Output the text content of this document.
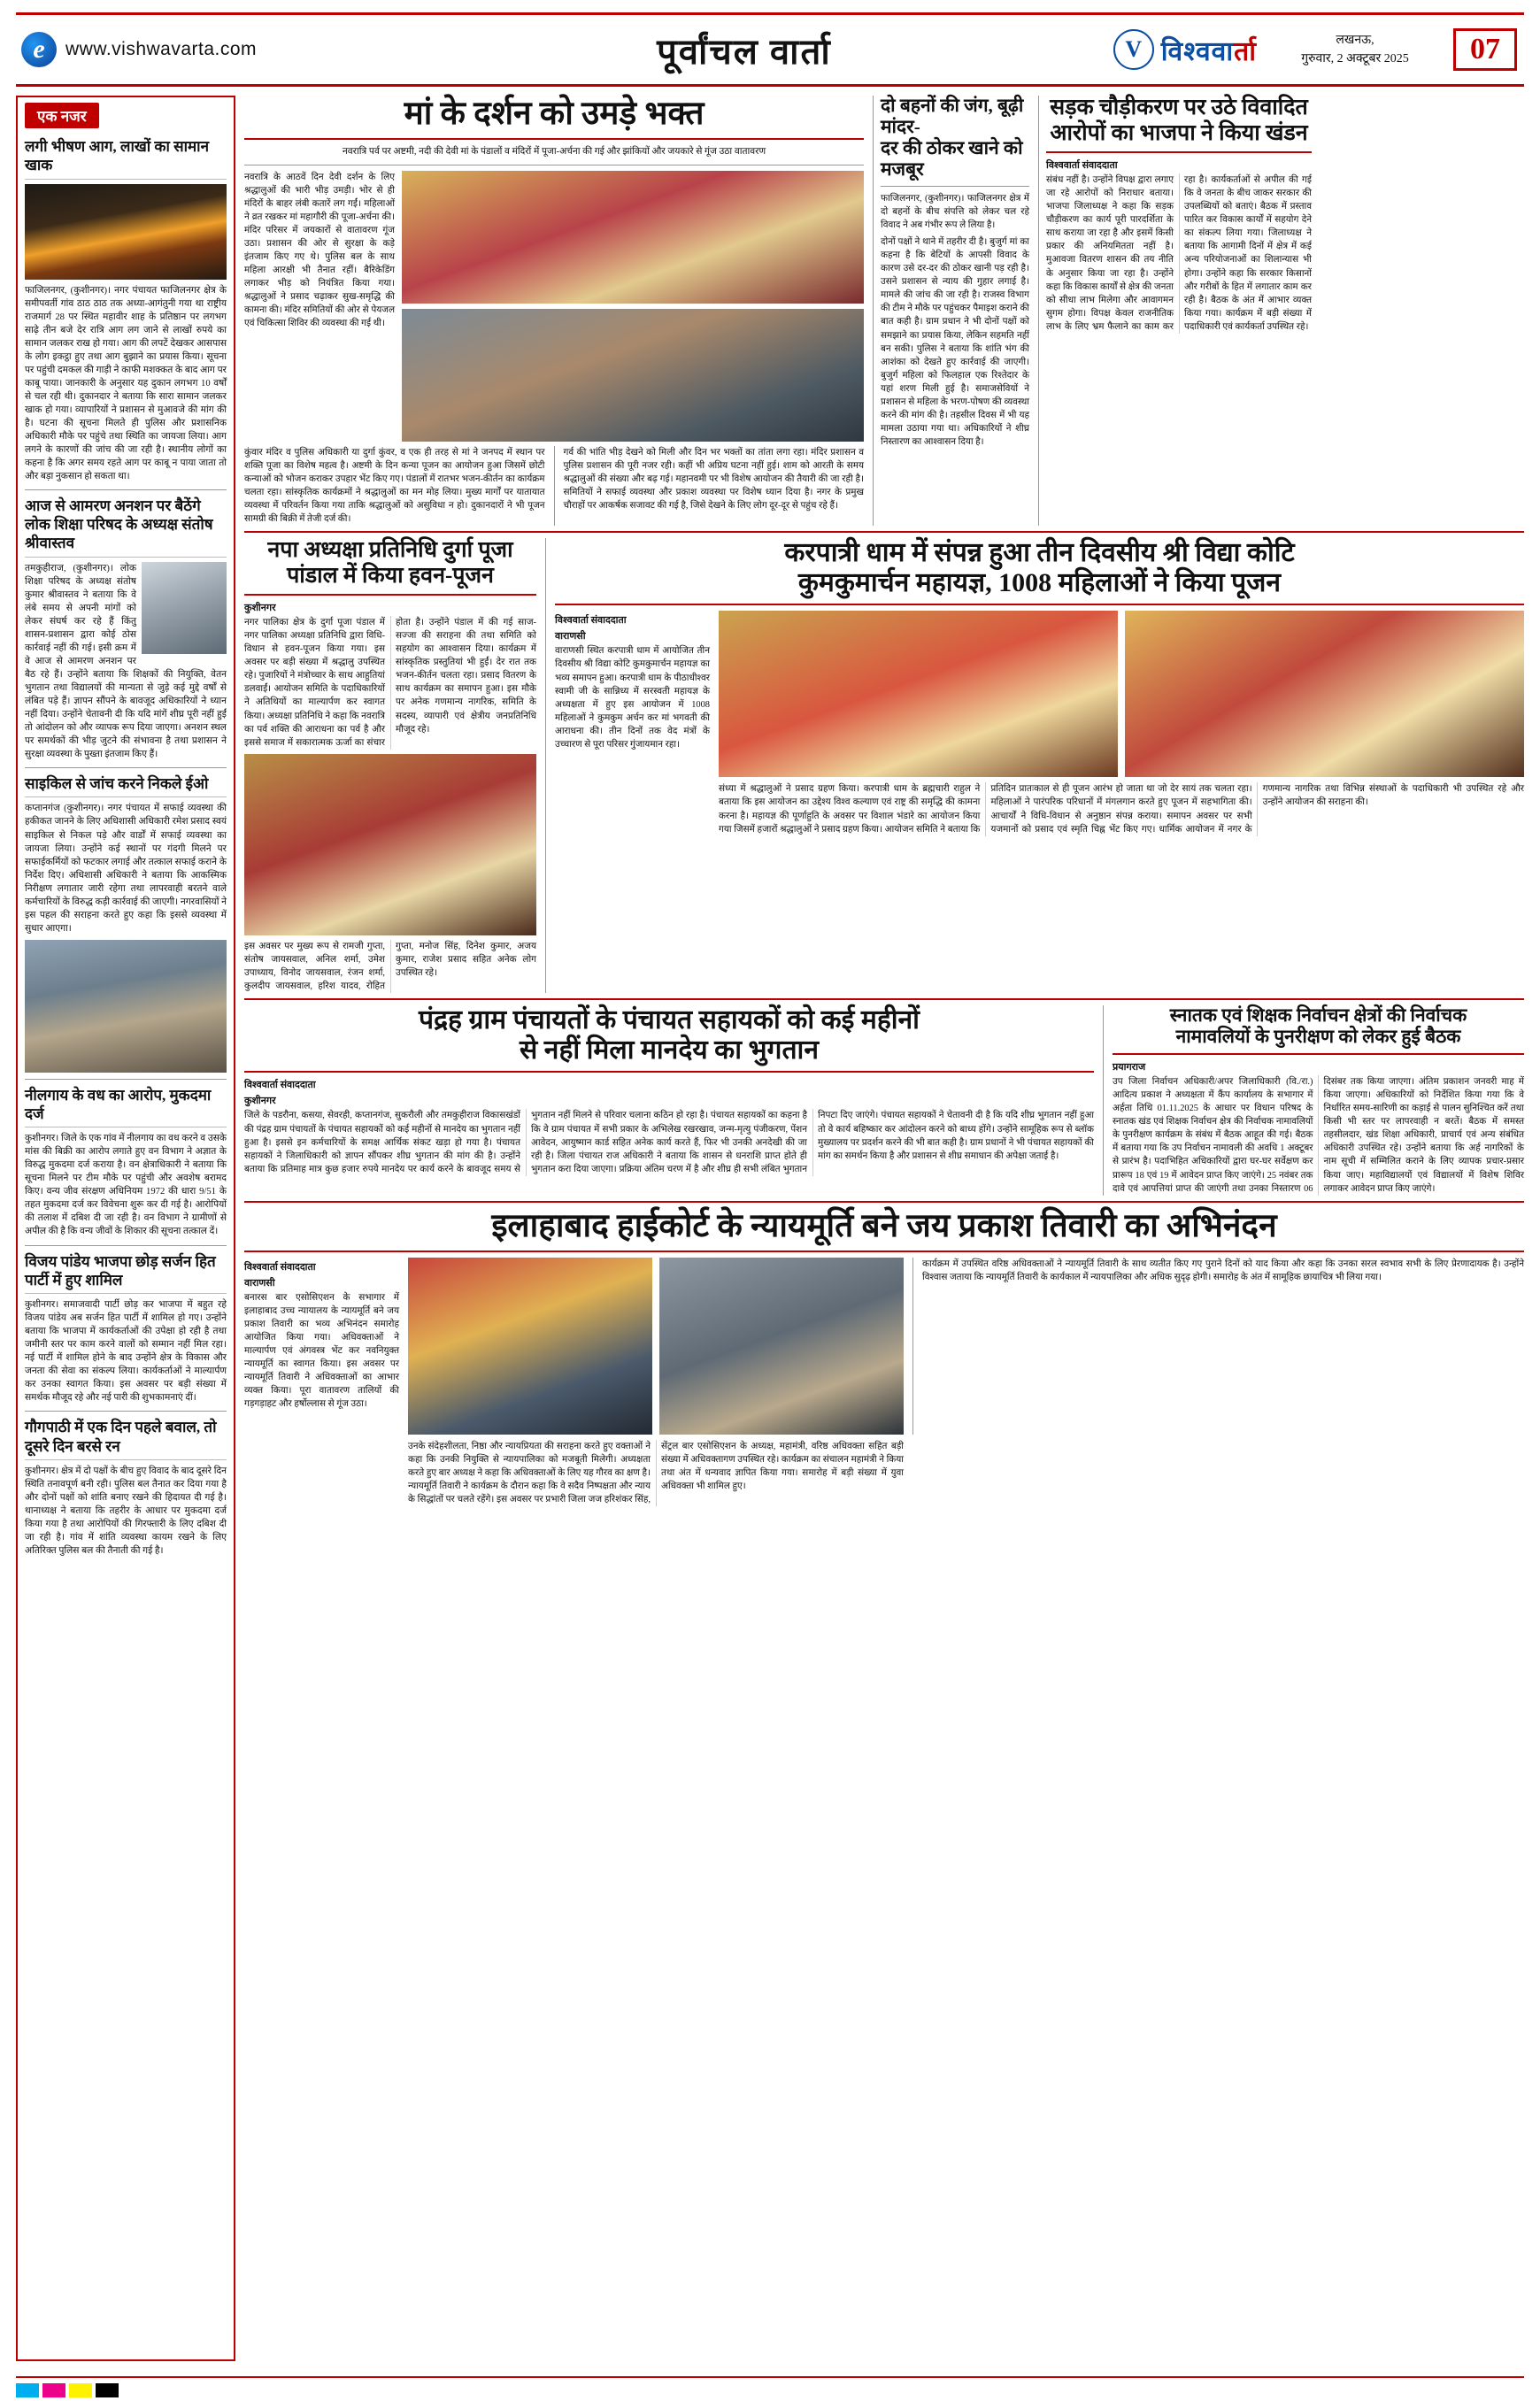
e	www.vishwavarta.com	पूर्वांचल वार्ता	V विश्ववार्ता	लखनऊ,
गुरुवार, 2 अक्टूबर 2025	07
एक नजर
लगी भीषण आग, लाखों का सामान खाक
फाजिलनगर, (कुशीनगर)। नगर पंचायत फाजिलनगर क्षेत्र के समीपवर्ती गांव ठाठ ठाठ तक अध्या-आगंतुनी गया था राष्ट्रीय राजमार्ग 28 पर स्थित महावीर शाह के प्रतिष्ठान पर लगभग साढ़े तीन बजे देर रात्रि आग लग जाने से लाखों रुपये का सामान जलकर राख हो गया। आग की लपटें देखकर आसपास के लोग इकट्ठा हुए तथा आग बुझाने का प्रयास किया। सूचना पर पहुंची दमकल की गाड़ी ने काफी मशक्कत के बाद आग पर काबू पाया। जानकारी के अनुसार यह दुकान लगभग 10 वर्षों से चल रही थी। दुकानदार ने बताया कि सारा सामान जलकर खाक हो गया। व्यापारियों ने प्रशासन से मुआवजे की मांग की है। घटना की सूचना मिलते ही पुलिस और प्रशासनिक अधिकारी मौके पर पहुंचे तथा स्थिति का जायजा लिया। आग लगने के कारणों की जांच की जा रही है। स्थानीय लोगों का कहना है कि अगर समय रहते आग पर काबू न पाया जाता तो और बड़ा नुकसान हो सकता था।
आज से आमरण अनशन पर बैठेंगे लोक शिक्षा परिषद के अध्यक्ष संतोष श्रीवास्तव
तमकुहीराज, (कुशीनगर)। लोक शिक्षा परिषद के अध्यक्ष संतोष कुमार श्रीवास्तव ने बताया कि वे लंबे समय से अपनी मांगों को लेकर संघर्ष कर रहे हैं किंतु शासन-प्रशासन द्वारा कोई ठोस कार्रवाई नहीं की गई। इसी क्रम में वे आज से आमरण अनशन पर बैठ रहे हैं। उन्होंने बताया कि शिक्षकों की नियुक्ति, वेतन भुगतान तथा विद्यालयों की मान्यता से जुड़े कई मुद्दे वर्षों से लंबित पड़े हैं। ज्ञापन सौंपने के बावजूद अधिकारियों ने ध्यान नहीं दिया। उन्होंने चेतावनी दी कि यदि मांगें शीघ्र पूरी नहीं हुईं तो आंदोलन को और व्यापक रूप दिया जाएगा। अनशन स्थल पर समर्थकों की भीड़ जुटने की संभावना है तथा प्रशासन ने सुरक्षा व्यवस्था के पुख्ता इंतजाम किए हैं।
साइकिल से जांच करने निकले ईओ
कप्तानगंज (कुशीनगर)। नगर पंचायत में सफाई व्यवस्था की हकीकत जानने के लिए अधिशासी अधिकारी रमेश प्रसाद स्वयं साइकिल से निकल पड़े और वार्डों में सफाई व्यवस्था का जायजा लिया। उन्होंने कई स्थानों पर गंदगी मिलने पर सफाईकर्मियों को फटकार लगाई और तत्काल सफाई कराने के निर्देश दिए। अधिशासी अधिकारी ने बताया कि आकस्मिक निरीक्षण लगातार जारी रहेगा तथा लापरवाही बरतने वाले कर्मचारियों के विरुद्ध कड़ी कार्रवाई की जाएगी। नगरवासियों ने इस पहल की सराहना करते हुए कहा कि इससे व्यवस्था में सुधार आएगा।
नीलगाय के वध का आरोप, मुकदमा दर्ज
कुशीनगर। जिले के एक गांव में नीलगाय का वध करने व उसके मांस की बिक्री का आरोप लगाते हुए वन विभाग ने अज्ञात के विरुद्ध मुकदमा दर्ज कराया है। वन क्षेत्राधिकारी ने बताया कि सूचना मिलने पर टीम मौके पर पहुंची और अवशेष बरामद किए। वन्य जीव संरक्षण अधिनियम 1972 की धारा 9/51 के तहत मुकदमा दर्ज कर विवेचना शुरू कर दी गई है। आरोपियों की तलाश में दबिश दी जा रही है। वन विभाग ने ग्रामीणों से अपील की है कि वन्य जीवों के शिकार की सूचना तत्काल दें।
विजय पांडेय भाजपा छोड़ सर्जन हित पार्टी में हुए शामिल
कुशीनगर। समाजवादी पार्टी छोड़ कर भाजपा में बहुत रहे विजय पांडेय अब सर्जन हित पार्टी में शामिल हो गए। उन्होंने बताया कि भाजपा में कार्यकर्ताओं की उपेक्षा हो रही है तथा जमीनी स्तर पर काम करने वालों को सम्मान नहीं मिल रहा। नई पार्टी में शामिल होने के बाद उन्होंने क्षेत्र के विकास और जनता की सेवा का संकल्प लिया। कार्यकर्ताओं ने माल्यार्पण कर उनका स्वागत किया। इस अवसर पर बड़ी संख्या में समर्थक मौजूद रहे और नई पारी की शुभकामनाएं दीं।
गौगपाठी में एक दिन पहले बवाल, तो दूसरे दिन बरसे रन
कुशीनगर। क्षेत्र में दो पक्षों के बीच हुए विवाद के बाद दूसरे दिन स्थिति तनावपूर्ण बनी रही। पुलिस बल तैनात कर दिया गया है और दोनों पक्षों को शांति बनाए रखने की हिदायत दी गई है। थानाध्यक्ष ने बताया कि तहरीर के आधार पर मुकदमा दर्ज किया गया है तथा आरोपियों की गिरफ्तारी के लिए दबिश दी जा रही है। गांव में शांति व्यवस्था कायम रखने के लिए अतिरिक्त पुलिस बल की तैनाती की गई है।
मां के दर्शन को उमड़े भक्त
नवरात्रि पर्व पर अष्टमी, नदी की देवी मां के पंडालों व मंदिरों में पूजा-अर्चना की गई और झांकियों और जयकारे से गूंज उठा वातावरण
नवरात्रि के आठवें दिन देवी दर्शन के लिए श्रद्धालुओं की भारी भीड़ उमड़ी। भोर से ही मंदिरों के बाहर लंबी कतारें लग गईं। महिलाओं ने व्रत रखकर मां महागौरी की पूजा-अर्चना की। मंदिर परिसर में जयकारों से वातावरण गूंज उठा। प्रशासन की ओर से सुरक्षा के कड़े इंतजाम किए गए थे। पुलिस बल के साथ महिला आरक्षी भी तैनात रहीं। बैरिकेडिंग लगाकर भीड़ को नियंत्रित किया गया। श्रद्धालुओं ने प्रसाद चढ़ाकर सुख-समृद्धि की कामना की। मंदिर समितियों की ओर से पेयजल एवं चिकित्सा शिविर की व्यवस्था की गई थी।
कुंवार मंदिर व पुलिस अधिकारी या दुर्गा कुंवर, व एक ही तरह से मां ने जनपद में स्थान पर शक्ति पूजा का विशेष महत्व है। अष्टमी के दिन कन्या पूजन का आयोजन हुआ जिसमें छोटी कन्याओं को भोजन कराकर उपहार भेंट किए गए। पंडालों में रातभर भजन-कीर्तन का कार्यक्रम चलता रहा। सांस्कृतिक कार्यक्रमों ने श्रद्धालुओं का मन मोह लिया। मुख्य मार्गों पर यातायात व्यवस्था में परिवर्तन किया गया ताकि श्रद्धालुओं को असुविधा न हो। दुकानदारों ने भी पूजन सामग्री की बिक्री में तेजी दर्ज की।
गर्व की भांति भीड़ देखने को मिली और दिन भर भक्तों का तांता लगा रहा। मंदिर प्रशासन व पुलिस प्रशासन की पूरी नजर रही। कहीं भी अप्रिय घटना नहीं हुई। शाम को आरती के समय श्रद्धालुओं की संख्या और बढ़ गई। महानवमी पर भी विशेष आयोजन की तैयारी की जा रही है। समितियों ने सफाई व्यवस्था और प्रकाश व्यवस्था पर विशेष ध्यान दिया है। नगर के प्रमुख चौराहों पर आकर्षक सजावट की गई है, जिसे देखने के लिए लोग दूर-दूर से पहुंच रहे हैं।
दो बहनों की जंग, बूढ़ी मांदर-
दर की ठोकर खाने को मजबूर
फाजिलनगर, (कुशीनगर)। फाजिलनगर क्षेत्र में दो बहनों के बीच संपत्ति को लेकर चल रहे विवाद ने अब गंभीर रूप ले लिया है।
दोनों पक्षों ने थाने में तहरीर दी है। बुजुर्ग मां का कहना है कि बेटियों के आपसी विवाद के कारण उसे दर-दर की ठोकर खानी पड़ रही है। उसने प्रशासन से न्याय की गुहार लगाई है। मामले की जांच की जा रही है। राजस्व विभाग की टीम ने मौके पर पहुंचकर पैमाइश कराने की बात कही है। ग्राम प्रधान ने भी दोनों पक्षों को समझाने का प्रयास किया, लेकिन सहमति नहीं बन सकी। पुलिस ने बताया कि शांति भंग की आशंका को देखते हुए कार्रवाई की जाएगी। बुजुर्ग महिला को फिलहाल एक रिश्तेदार के यहां शरण मिली हुई है। समाजसेवियों ने प्रशासन से महिला के भरण-पोषण की व्यवस्था करने की मांग की है। तहसील दिवस में भी यह मामला उठाया गया था। अधिकारियों ने शीघ्र निस्तारण का आश्वासन दिया है।
सड़क चौड़ीकरण पर उठे विवादित
आरोपों का भाजपा ने किया खंडन
विश्ववार्ता संवाददाता
संबंध नहीं है। उन्होंने विपक्ष द्वारा लगाए जा रहे आरोपों को निराधार बताया। भाजपा जिलाध्यक्ष ने कहा कि सड़क चौड़ीकरण का कार्य पूरी पारदर्शिता के साथ कराया जा रहा है और इसमें किसी प्रकार की अनियमितता नहीं है। मुआवजा वितरण शासन की तय नीति के अनुसार किया जा रहा है। उन्होंने कहा कि विकास कार्यों से क्षेत्र की जनता को सीधा लाभ मिलेगा और आवागमन सुगम होगा। विपक्ष केवल राजनीतिक लाभ के लिए भ्रम फैलाने का काम कर रहा है। कार्यकर्ताओं से अपील की गई कि वे जनता के बीच जाकर सरकार की उपलब्धियों को बताएं। बैठक में प्रस्ताव पारित कर विकास कार्यों में सहयोग देने का संकल्प लिया गया। जिलाध्यक्ष ने बताया कि आगामी दिनों में क्षेत्र में कई अन्य परियोजनाओं का शिलान्यास भी होगा। उन्होंने कहा कि सरकार किसानों और गरीबों के हित में लगातार काम कर रही है। बैठक के अंत में आभार व्यक्त किया गया। कार्यक्रम में बड़ी संख्या में पदाधिकारी एवं कार्यकर्ता उपस्थित रहे।
नपा अध्यक्षा प्रतिनिधि दुर्गा पूजा
पांडाल में किया हवन-पूजन
कुशीनगर
नगर पालिका क्षेत्र के दुर्गा पूजा पंडाल में नगर पालिका अध्यक्षा प्रतिनिधि द्वारा विधि-विधान से हवन-पूजन किया गया। इस अवसर पर बड़ी संख्या में श्रद्धालु उपस्थित रहे। पुजारियों ने मंत्रोच्चार के साथ आहुतियां डलवाईं। आयोजन समिति के पदाधिकारियों ने अतिथियों का माल्यार्पण कर स्वागत किया। अध्यक्षा प्रतिनिधि ने कहा कि नवरात्रि का पर्व शक्ति की आराधना का पर्व है और इससे समाज में सकारात्मक ऊर्जा का संचार होता है। उन्होंने पंडाल में की गई साज-सज्जा की सराहना की तथा समिति को सहयोग का आश्वासन दिया। कार्यक्रम में सांस्कृतिक प्रस्तुतियां भी हुईं। देर रात तक भजन-कीर्तन चलता रहा। प्रसाद वितरण के साथ कार्यक्रम का समापन हुआ। इस मौके पर अनेक गणमान्य नागरिक, समिति के सदस्य, व्यापारी एवं क्षेत्रीय जनप्रतिनिधि मौजूद रहे।
इस अवसर पर मुख्य रूप से रामजी गुप्ता, संतोष जायसवाल, अनिल शर्मा, उमेश उपाध्याय, विनोद जायसवाल, रंजन शर्मा, कुलदीप जायसवाल, हरिश यादव, रोहित गुप्ता, मनोज सिंह, दिनेश कुमार, अजय कुमार, राजेश प्रसाद सहित अनेक लोग उपस्थित रहे।
करपात्री धाम में संपन्न हुआ तीन दिवसीय श्री विद्या कोटि
कुमकुमार्चन महायज्ञ, 1008 महिलाओं ने किया पूजन
विश्ववार्ता संवाददाता
वाराणसी
वाराणसी स्थित करपात्री धाम में आयोजित तीन दिवसीय श्री विद्या कोटि कुमकुमार्चन महायज्ञ का भव्य समापन हुआ। करपात्री धाम के पीठाधीश्वर स्वामी जी के सान्निध्य में सरस्वती महायज्ञ के अध्यक्षता में हुए इस आयोजन में 1008 महिलाओं ने कुमकुम अर्चन कर मां भगवती की आराधना की। तीन दिनों तक वेद मंत्रों के उच्चारण से पूरा परिसर गुंजायमान रहा।
संध्या में श्रद्धालुओं ने प्रसाद ग्रहण किया। करपात्री धाम के ब्रह्मचारी राहुल ने बताया कि इस आयोजन का उद्देश्य विश्व कल्याण एवं राष्ट्र की समृद्धि की कामना करना है। महायज्ञ की पूर्णाहुति के अवसर पर विशाल भंडारे का आयोजन किया गया जिसमें हजारों श्रद्धालुओं ने प्रसाद ग्रहण किया। आयोजन समिति ने बताया कि प्रतिदिन प्रातःकाल से ही पूजन आरंभ हो जाता था जो देर सायं तक चलता रहा। महिलाओं ने पारंपरिक परिधानों में मंगलगान करते हुए पूजन में सहभागिता की। आचार्यों ने विधि-विधान से अनुष्ठान संपन्न कराया। समापन अवसर पर सभी यजमानों को प्रसाद एवं स्मृति चिह्न भेंट किए गए। धार्मिक आयोजन में नगर के गणमान्य नागरिक तथा विभिन्न संस्थाओं के पदाधिकारी भी उपस्थित रहे और उन्होंने आयोजन की सराहना की।
पंद्रह ग्राम पंचायतों के पंचायत सहायकों को कई महीनों
से नहीं मिला मानदेय का भुगतान
विश्ववार्ता संवाददाता
कुशीनगर
जिले के पडरौना, कसया, सेवरही, कप्तानगंज, सुकरौली और तमकुहीराज विकासखंडों की पंद्रह ग्राम पंचायतों के पंचायत सहायकों को कई महीनों से मानदेय का भुगतान नहीं हुआ है। इससे इन कर्मचारियों के समक्ष आर्थिक संकट खड़ा हो गया है। पंचायत सहायकों ने जिलाधिकारी को ज्ञापन सौंपकर शीघ्र भुगतान की मांग की है। उन्होंने बताया कि प्रतिमाह मात्र कुछ हजार रुपये मानदेय पर कार्य करने के बावजूद समय से भुगतान नहीं मिलने से परिवार चलाना कठिन हो रहा है। पंचायत सहायकों का कहना है कि वे ग्राम पंचायत में सभी प्रकार के अभिलेख रखरखाव, जन्म-मृत्यु पंजीकरण, पेंशन आवेदन, आयुष्मान कार्ड सहित अनेक कार्य करते हैं, फिर भी उनकी अनदेखी की जा रही है। जिला पंचायत राज अधिकारी ने बताया कि शासन से धनराशि प्राप्त होते ही भुगतान करा दिया जाएगा। प्रक्रिया अंतिम चरण में है और शीघ्र ही सभी लंबित भुगतान निपटा दिए जाएंगे। पंचायत सहायकों ने चेतावनी दी है कि यदि शीघ्र भुगतान नहीं हुआ तो वे कार्य बहिष्कार कर आंदोलन करने को बाध्य होंगे। उन्होंने सामूहिक रूप से ब्लॉक मुख्यालय पर प्रदर्शन करने की भी बात कही है। ग्राम प्रधानों ने भी पंचायत सहायकों की मांग का समर्थन किया है और प्रशासन से शीघ्र समाधान की अपेक्षा जताई है।
स्नातक एवं शिक्षक निर्वाचन क्षेत्रों की निर्वाचक
नामावलियों के पुनरीक्षण को लेकर हुई बैठक
प्रयागराज
उप जिला निर्वाचन अधिकारी/अपर जिलाधिकारी (वि./रा.) आदित्य प्रकाश ने अध्यक्षता में कैंप कार्यालय के सभागार में अर्हता तिथि 01.11.2025 के आधार पर विधान परिषद के स्नातक खंड एवं शिक्षक निर्वाचन क्षेत्र की निर्वाचक नामावलियों के पुनरीक्षण कार्यक्रम के संबंध में बैठक आहूत की गई। बैठक में बताया गया कि उप निर्वाचन नामावली की अवधि 1 अक्टूबर से प्रारंभ है। पदाभिहित अधिकारियों द्वारा घर-घर सर्वेक्षण कर प्रारूप 18 एवं 19 में आवेदन प्राप्त किए जाएंगे। 25 नवंबर तक दावे एवं आपत्तियां प्राप्त की जाएंगी तथा उनका निस्तारण 06 दिसंबर तक किया जाएगा। अंतिम प्रकाशन जनवरी माह में किया जाएगा। अधिकारियों को निर्देशित किया गया कि वे निर्धारित समय-सारिणी का कड़ाई से पालन सुनिश्चित करें तथा किसी भी स्तर पर लापरवाही न बरतें। बैठक में समस्त तहसीलदार, खंड शिक्षा अधिकारी, प्राचार्य एवं अन्य संबंधित अधिकारी उपस्थित रहे। उन्होंने बताया कि अर्ह नागरिकों के नाम सूची में सम्मिलित कराने के लिए व्यापक प्रचार-प्रसार किया जाए। महाविद्यालयों एवं विद्यालयों में विशेष शिविर लगाकर आवेदन प्राप्त किए जाएंगे।
इलाहाबाद हाईकोर्ट के न्यायमूर्ति बने जय प्रकाश तिवारी का अभिनंदन
विश्ववार्ता संवाददाता
वाराणसी
बनारस बार एसोसिएशन के सभागार में इलाहाबाद उच्च न्यायालय के न्यायमूर्ति बने जय प्रकाश तिवारी का भव्य अभिनंदन समारोह आयोजित किया गया। अधिवक्ताओं ने माल्यार्पण एवं अंगवस्त्र भेंट कर नवनियुक्त न्यायमूर्ति का स्वागत किया। इस अवसर पर न्यायमूर्ति तिवारी ने अधिवक्ताओं का आभार व्यक्त किया। पूरा वातावरण तालियों की गड़गड़ाहट और हर्षोल्लास से गूंज उठा।
कार्यक्रम में उपस्थित वरिष्ठ अधिवक्ताओं ने न्यायमूर्ति तिवारी के साथ व्यतीत किए गए पुराने दिनों को याद किया और कहा कि उनका सरल स्वभाव सभी के लिए प्रेरणादायक है। उन्होंने विश्वास जताया कि न्यायमूर्ति तिवारी के कार्यकाल में न्यायपालिका और अधिक सुदृढ़ होगी। समारोह के अंत में सामूहिक छायाचित्र भी लिया गया।
उनके संदेहशीलता, निष्ठा और न्यायप्रियता की सराहना करते हुए वक्ताओं ने कहा कि उनकी नियुक्ति से न्यायपालिका को मजबूती मिलेगी। अध्यक्षता करते हुए बार अध्यक्ष ने कहा कि अधिवक्ताओं के लिए यह गौरव का क्षण है। न्यायमूर्ति तिवारी ने कार्यक्रम के दौरान कहा कि वे सदैव निष्पक्षता और न्याय के सिद्धांतों पर चलते रहेंगे। इस अवसर पर प्रभारी जिला जज हरिशंकर सिंह, सेंट्रल बार एसोसिएशन के अध्यक्ष, महामंत्री, वरिष्ठ अधिवक्ता सहित बड़ी संख्या में अधिवक्तागण उपस्थित रहे। कार्यक्रम का संचालन महामंत्री ने किया तथा अंत में धन्यवाद ज्ञापित किया गया। समारोह में बड़ी संख्या में युवा अधिवक्ता भी शामिल हुए।
